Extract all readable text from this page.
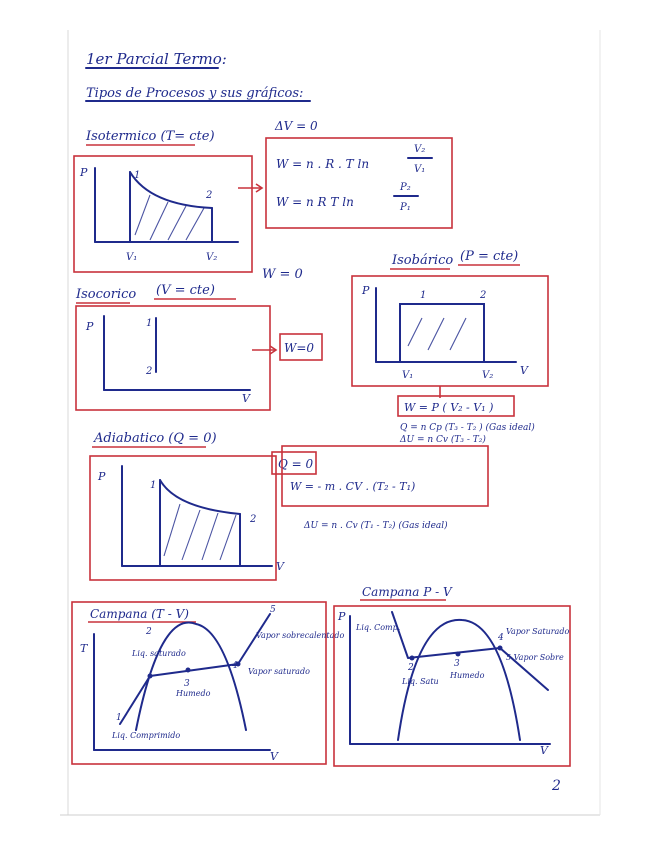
1er Parcial Termo:
Tipos de Procesos y sus gráficos:
Isotermico (T= cte)
P	1
2
V₁	V₂
ΔV = 0
W = n . R . T ln
V₂
V₁
W = n R T ln
P₂
P₁
Isocorico (V = cte)
W = 0
P
V
1
2
W=0
Isobárico (P = cte)
P
V
1	2
V₁	V₂
W = P ( V₂ - V₁ )
Q = n Cp (T₃ - T₂ ) (Gas ideal)
ΔU = n Cv (T₃ - T₂)
Adiabatico (Q = 0)
P
V
1
2
Q = 0
W = - m . CV . (T₂ - T₁)
ΔU = n . Cv (T₁ - T₂) (Gas ideal)
Campana (T - V)
T
V
1
2
3
4
5
Liq. saturado
Vapor sobrecalentado
Vapor saturado
Humedo
Liq. Comprimido
Campana P - V
P
V
Liq. Comp.
2	3
4
Liq. Satu
Humedo
Vapor Saturado
5 Vapor Sobre
2
